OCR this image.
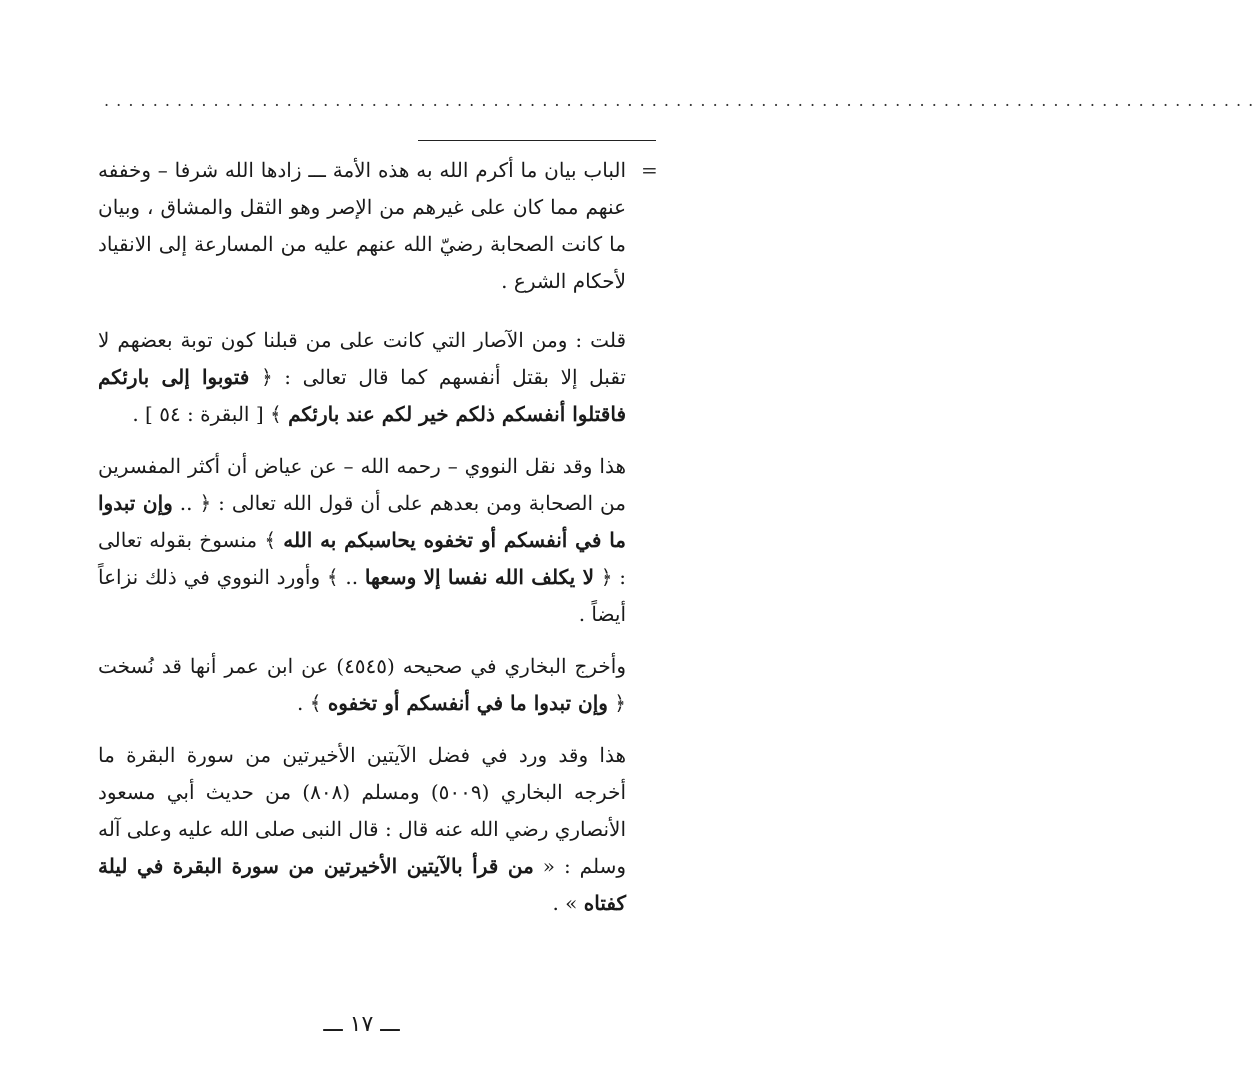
. . . . . . . . . . . . . . . . . . . . . . . . . . . . . . . . . . . . . . . . . . . . . . . . . . . . . . . . . . . . . . . . . . . . . . . . . . . . . . . . . . . . . . . . . . . . . . .
=

الباب بيان ما أكرم الله به هذه الأمة ـــ زادها الله شرفا – وخففه عنهم مما كان على غيرهم من الإصر وهو الثقل والمشاق ، وبيان ما كانت الصحابة رضيّ الله عنهم عليه من المسارعة إلى الانقياد لأحكام الشرع .

قلت : ومن الآصار التي كانت على من قبلنا كون توبة بعضهم لا تقبل إلا بقتل أنفسهم كما قال تعالى : ﴿ فتوبوا إلى بارئكم فاقتلوا أنفسكم ذلكم خير لكم عند بارئكم ﴾ [ البقرة : ٥٤ ] .

هذا وقد نقل النووي – رحمه الله – عن عياض أن أكثر المفسرين من الصحابة ومن بعدهم على أن قول الله تعالى : ﴿ .. وإن تبدوا ما في أنفسكم أو تخفوه يحاسبكم به الله ﴾ منسوخ بقوله تعالى : ﴿ لا يكلف الله نفسا إلا وسعها .. ﴾ وأورد النووي في ذلك نزاعاً أيضاً .

وأخرج البخاري في صحيحه (٤٥٤٥) عن ابن عمر أنها قد نُسخت ﴿ وإن تبدوا ما في أنفسكم أو تخفوه ﴾ .

هذا وقد ورد في فضل الآيتين الأخيرتين من سورة البقرة ما أخرجه البخاري (٥٠٠٩) ومسلم (٨٠٨) من حديث أبي مسعود الأنصاري رضي الله عنه قال : قال النبى صلى الله عليه وعلى آله وسلم : « من قرأ بالآيتين الأخيرتين من سورة البقرة في ليلة كفتاه » .

ـــ ١٧ ـــ
